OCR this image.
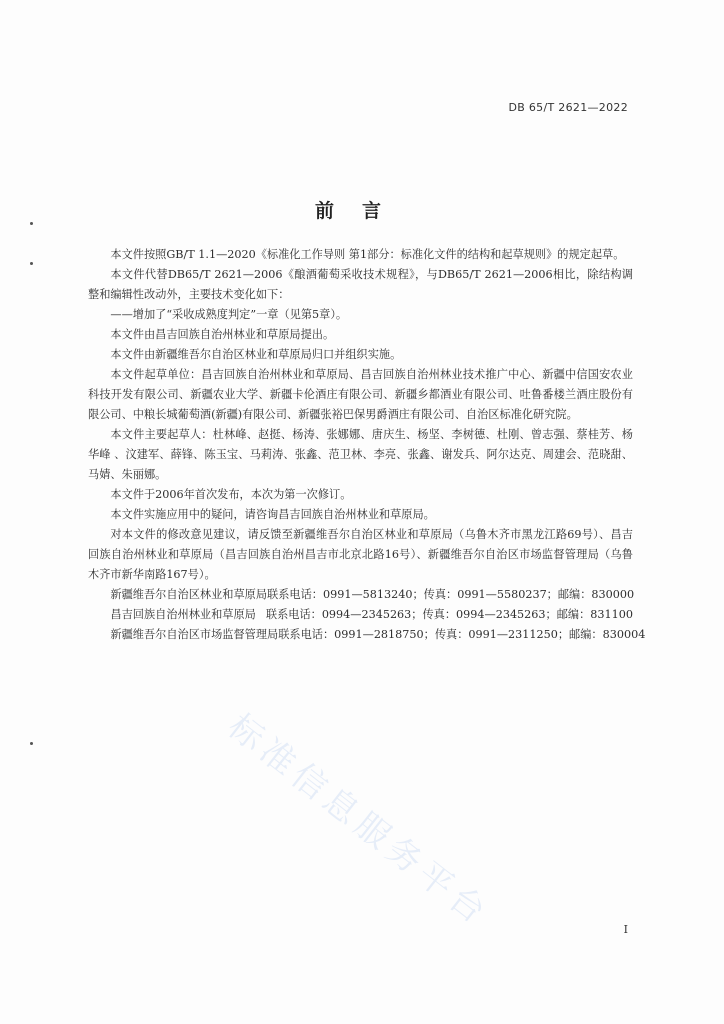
DB 65/T 2621—2022
前言

本文件按照GB/T 1.1—2020《标准化工作导则 第1部分：标准化文件的结构和起草规则》的规定起草。

本文件代替DB65/T 2621—2006《酿酒葡萄采收技术规程》，与DB65/T 2621—2006相比，除结构调整和编辑性改动外，主要技术变化如下：

——增加了“采收成熟度判定”一章（见第5章）。

本文件由昌吉回族自治州林业和草原局提出。

本文件由新疆维吾尔自治区林业和草原局归口并组织实施。

本文件起草单位：昌吉回族自治州林业和草原局、昌吉回族自治州林业技术推广中心、新疆中信国安农业科技开发有限公司、新疆农业大学、新疆卡伦酒庄有限公司、新疆乡都酒业有限公司、吐鲁番楼兰酒庄股份有限公司、中粮长城葡萄酒(新疆)有限公司、新疆张裕巴保男爵酒庄有限公司、自治区标准化研究院。

本文件主要起草人：杜林峰、赵挺、杨涛、张娜娜、唐庆生、杨坚、李树德、杜刚、曾志强、蔡桂芳、杨华峰 、汶建军、薛锋、陈玉宝、马莉涛、张鑫、范卫林、李亮、张鑫、谢发兵、阿尔达克、周建会、范晓甜、马婧、朱丽娜。

本文件于2006年首次发布，本次为第一次修订。

本文件实施应用中的疑问，请咨询昌吉回族自治州林业和草原局。

对本文件的修改意见建议，请反馈至新疆维吾尔自治区林业和草原局（乌鲁木齐市黑龙江路69号）、昌吉回族自治州林业和草原局（昌吉回族自治州昌吉市北京北路16号）、新疆维吾尔自治区市场监督管理局（乌鲁木齐市新华南路167号）。

新疆维吾尔自治区林业和草原局 联系电话：0991—5813240；传真：0991—5580237；邮编：830000
昌吉回族自治州林业和草原局 联系电话：0994—2345263；传真：0994—2345263；邮编：831100
新疆维吾尔自治区市场监督管理局 联系电话：0991—2818750；传真：0991—2311250；邮编：830004
标准信息服务平台	I
